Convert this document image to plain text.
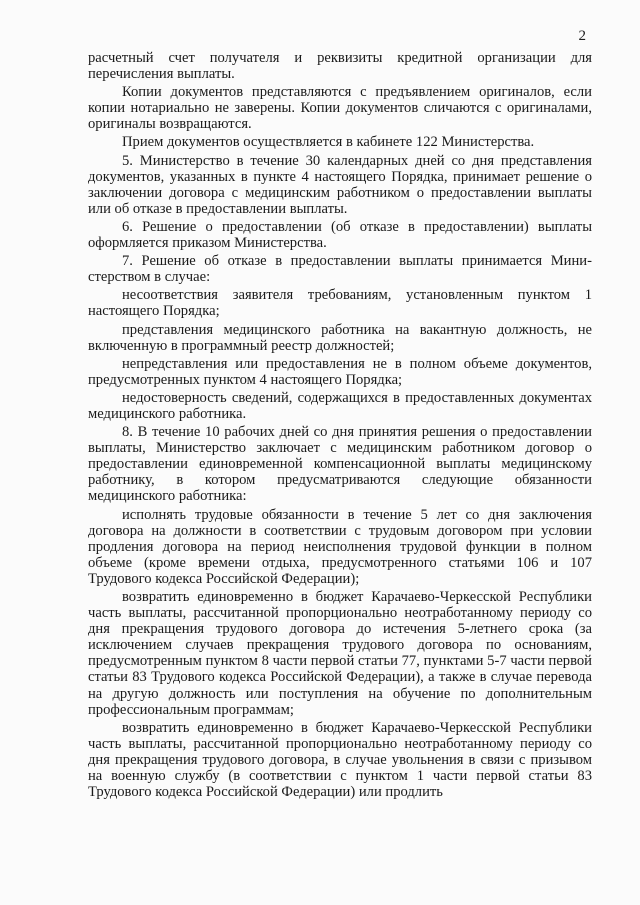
2

расчетный счет получателя и реквизиты кредитной организации для перечисления выплаты.

Копии документов представляются с предъявлением оригиналов, если копии нотариально не заверены. Копии документов сличаются с оригиналами, оригиналы возвращаются.

Прием документов осуществляется в кабинете 122 Министерства.

5. Министерство в течение 30 календарных дней со дня представления документов, указанных в пункте 4 настоящего Порядка, принимает решение о заключении договора с медицинским работником о предоставлении выплаты или об отказе в предоставлении выплаты.

6. Решение о предоставлении (об отказе в предоставлении) выплаты оформляется приказом Министерства.

7. Решение об отказе в предоставлении выплаты принимается Министерством в случае:

несоответствия заявителя требованиям, установленным пунктом 1 настоящего Порядка;

представления медицинского работника на вакантную должность, не включенную в программный реестр должностей;

непредставления или предоставления не в полном объеме документов, предусмотренных пунктом 4 настоящего Порядка;

недостоверность сведений, содержащихся в предоставленных документах медицинского работника.

8. В течение 10 рабочих дней со дня принятия решения о предоставлении выплаты, Министерство заключает с медицинским работником договор о предоставлении единовременной компенсационной выплаты медицинскому работнику, в котором предусматриваются следующие обязанности медицинского работника:

исполнять трудовые обязанности в течение 5 лет со дня заключения договора на должности в соответствии с трудовым договором при условии продления договора на период неисполнения трудовой функции в полном объеме (кроме времени отдыха, предусмотренного статьями 106 и 107 Трудового кодекса Российской Федерации);

возвратить единовременно в бюджет Карачаево-Черкесской Республики часть выплаты, рассчитанной пропорционально неотработанному периоду со дня прекращения трудового договора до истечения 5-летнего срока (за исключением случаев прекращения трудового договора по основаниям, предусмотренным пунктом 8 части первой статьи 77, пунктами 5-7 части первой статьи 83 Трудового кодекса Российской Федерации), а также в случае перевода на другую должность или поступления на обучение по дополнительным профессиональным программам;

возвратить единовременно в бюджет Карачаево-Черкесской Республики часть выплаты, рассчитанной пропорционально неотработанному периоду со дня прекращения трудового договора, в случае увольнения в связи с призывом на военную службу (в соответствии с пунктом 1 части первой статьи 83 Трудового кодекса Российской Федерации) или продлить
